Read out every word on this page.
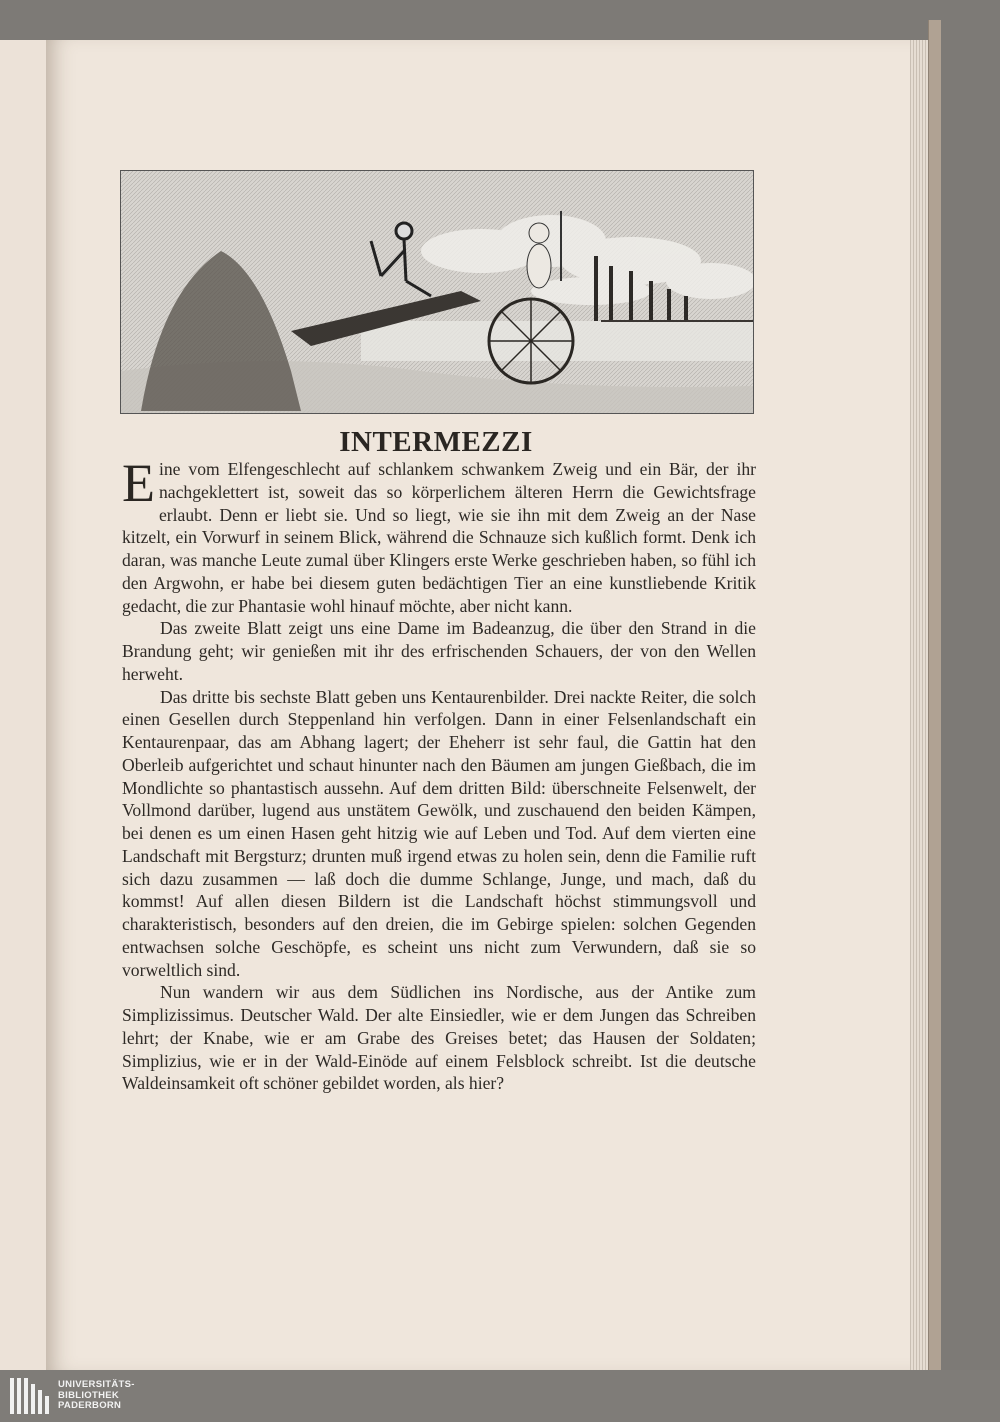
INTERMEZZI

Eine vom Elfengeschlecht auf schlankem schwankem Zweig und ein Bär, der ihr nachgeklettert ist, soweit das so körperlichem älteren Herrn die Gewichtsfrage erlaubt. Denn er liebt sie. Und so liegt, wie sie ihn mit dem Zweig an der Nase kitzelt, ein Vorwurf in seinem Blick, während die Schnauze sich kußlich formt. Denk ich daran, was manche Leute zumal über Klingers erste Werke geschrieben haben, so fühl ich den Argwohn, er habe bei diesem guten bedächtigen Tier an eine kunstliebende Kritik gedacht, die zur Phantasie wohl hinauf möchte, aber nicht kann.

Das zweite Blatt zeigt uns eine Dame im Badeanzug, die über den Strand in die Brandung geht; wir genießen mit ihr des erfrischenden Schauers, der von den Wellen herweht.

Das dritte bis sechste Blatt geben uns Kentaurenbilder. Drei nackte Reiter, die solch einen Gesellen durch Steppenland hin verfolgen. Dann in einer Felsenlandschaft ein Kentaurenpaar, das am Abhang lagert; der Eheherr ist sehr faul, die Gattin hat den Oberleib aufgerichtet und schaut hinunter nach den Bäumen am jungen Gießbach, die im Mondlichte so phantastisch aussehn. Auf dem dritten Bild: überschneite Felsenwelt, der Vollmond darüber, lugend aus unstätem Gewölk, und zuschauend den beiden Kämpen, bei denen es um einen Hasen geht hitzig wie auf Leben und Tod. Auf dem vierten eine Landschaft mit Bergsturz; drunten muß irgend etwas zu holen sein, denn die Familie ruft sich dazu zusammen — laß doch die dumme Schlange, Junge, und mach, daß du kommst! Auf allen diesen Bildern ist die Landschaft höchst stimmungsvoll und charakteristisch, besonders auf den dreien, die im Gebirge spielen: solchen Gegenden entwachsen solche Geschöpfe, es scheint uns nicht zum Verwundern, daß sie so vorweltlich sind.

Nun wandern wir aus dem Südlichen ins Nordische, aus der Antike zum Simplizissimus. Deutscher Wald. Der alte Einsiedler, wie er dem Jungen das Schreiben lehrt; der Knabe, wie er am Grabe des Greises betet; das Hausen der Soldaten; Simplizius, wie er in der Wald-Einöde auf einem Felsblock schreibt. Ist die deutsche Waldeinsamkeit oft schöner gebildet worden, als hier?

UNIVERSITÄTS-
BIBLIOTHEK
PADERBORN
